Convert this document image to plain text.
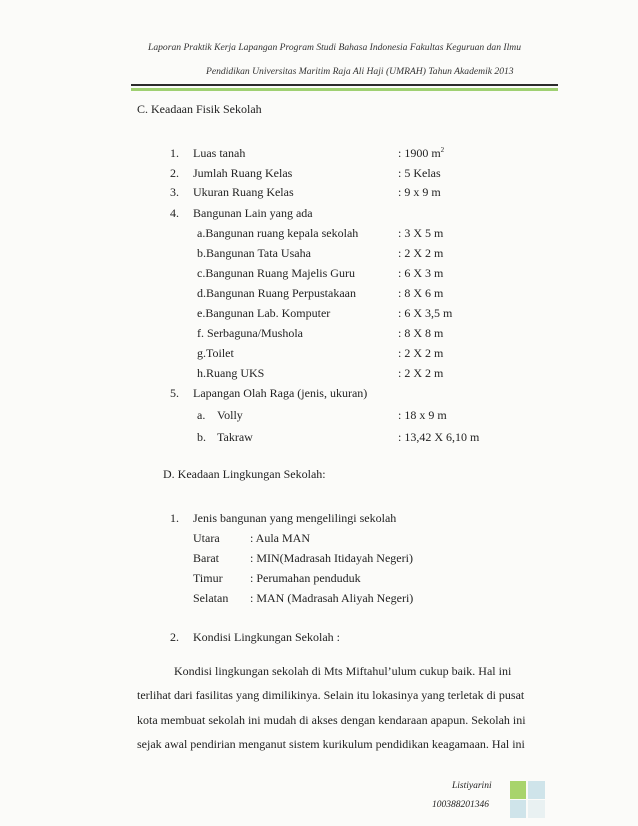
Laporan Praktik Kerja Lapangan Program Studi Bahasa Indonesia Fakultas Keguruan dan Ilmu
Pendidikan Universitas Maritim Raja Ali Haji (UMRAH) Tahun Akademik 2013
C. Keadaan Fisik Sekolah
1. Luas tanah	: 1900 $m^2$
2. Jumlah Ruang Kelas	: 5 Kelas
3. Ukuran Ruang Kelas	: 9 x 9 m
4. Bangunan Lain yang ada
a.Bangunan ruang kepala sekolah	: 3 X 5 m
b.Bangunan Tata Usaha	: 2 X 2 m
c.Bangunan Ruang Majelis Guru	: 6 X 3 m
d.Bangunan Ruang Perpustakaan	: 8 X 6 m
e.Bangunan Lab. Komputer	: 6 X 3,5 m
f. Serbaguna/Mushola	: 8 X 8 m
g.Toilet	: 2 X 2 m
h.Ruang UKS	: 2 X 2 m
5. Lapangan Olah Raga (jenis, ukuran)
a. Volly	: 18 x 9 m
b. Takraw	: 13,42 X 6,10 m
D. Keadaan Lingkungan Sekolah:
1. Jenis bangunan yang mengelilingi sekolah
Utara	: Aula MAN
Barat	: MIN(Madrasah Itidayah Negeri)
Timur : Perumahan penduduk
Selatan : MAN (Madrasah Aliyah Negeri)
2. Kondisi Lingkungan Sekolah :
Kondisi lingkungan sekolah di Mts Miftahul’ulum cukup baik. Hal ini
terlihat dari fasilitas yang dimilikinya. Selain itu lokasinya yang terletak di pusat
kota membuat sekolah ini mudah di akses dengan kendaraan apapun. Sekolah ini
sejak awal pendirian menganut sistem kurikulum pendidikan keagamaan. Hal ini
Listiyarini
100388201346
